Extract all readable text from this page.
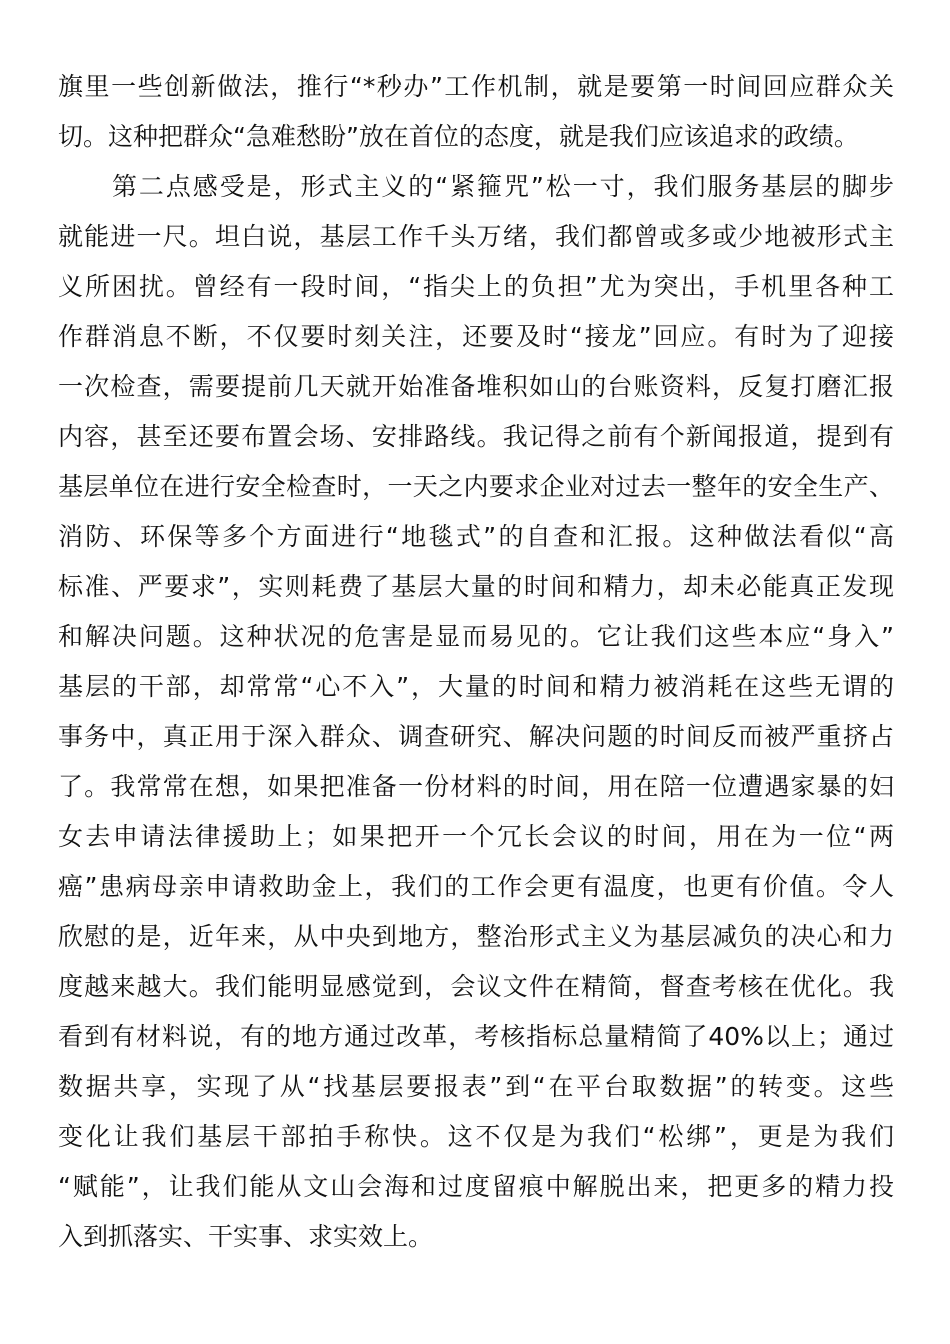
旗里一些创新做法，推行“*秒办”工作机制，就是要第一时间回应群众关
切。这种把群众“急难愁盼”放在首位的态度，就是我们应该追求的政绩。
第二点感受是，形式主义的“紧箍咒”松一寸，我们服务基层的脚步
就能进一尺。坦白说，基层工作千头万绪，我们都曾或多或少地被形式主
义所困扰。曾经有一段时间，“指尖上的负担”尤为突出，手机里各种工
作群消息不断，不仅要时刻关注，还要及时“接龙”回应。有时为了迎接
一次检查，需要提前几天就开始准备堆积如山的台账资料，反复打磨汇报
内容，甚至还要布置会场、安排路线。我记得之前有个新闻报道，提到有
基层单位在进行安全检查时，一天之内要求企业对过去一整年的安全生产、
消防、环保等多个方面进行“地毯式”的自查和汇报。这种做法看似“高
标准、严要求”，实则耗费了基层大量的时间和精力，却未必能真正发现
和解决问题。这种状况的危害是显而易见的。它让我们这些本应“身入”
基层的干部，却常常“心不入”，大量的时间和精力被消耗在这些无谓的
事务中，真正用于深入群众、调查研究、解决问题的时间反而被严重挤占
了。我常常在想，如果把准备一份材料的时间，用在陪一位遭遇家暴的妇
女去申请法律援助上；如果把开一个冗长会议的时间，用在为一位“两
癌”患病母亲申请救助金上，我们的工作会更有温度，也更有价值。令人
欣慰的是，近年来，从中央到地方，整治形式主义为基层减负的决心和力
度越来越大。我们能明显感觉到，会议文件在精简，督查考核在优化。我
看到有材料说，有的地方通过改革，考核指标总量精简了40%以上；通过
数据共享，实现了从“找基层要报表”到“在平台取数据”的转变。这些
变化让我们基层干部拍手称快。这不仅是为我们“松绑”，更是为我们
“赋能”，让我们能从文山会海和过度留痕中解脱出来，把更多的精力投
入到抓落实、干实事、求实效上。
